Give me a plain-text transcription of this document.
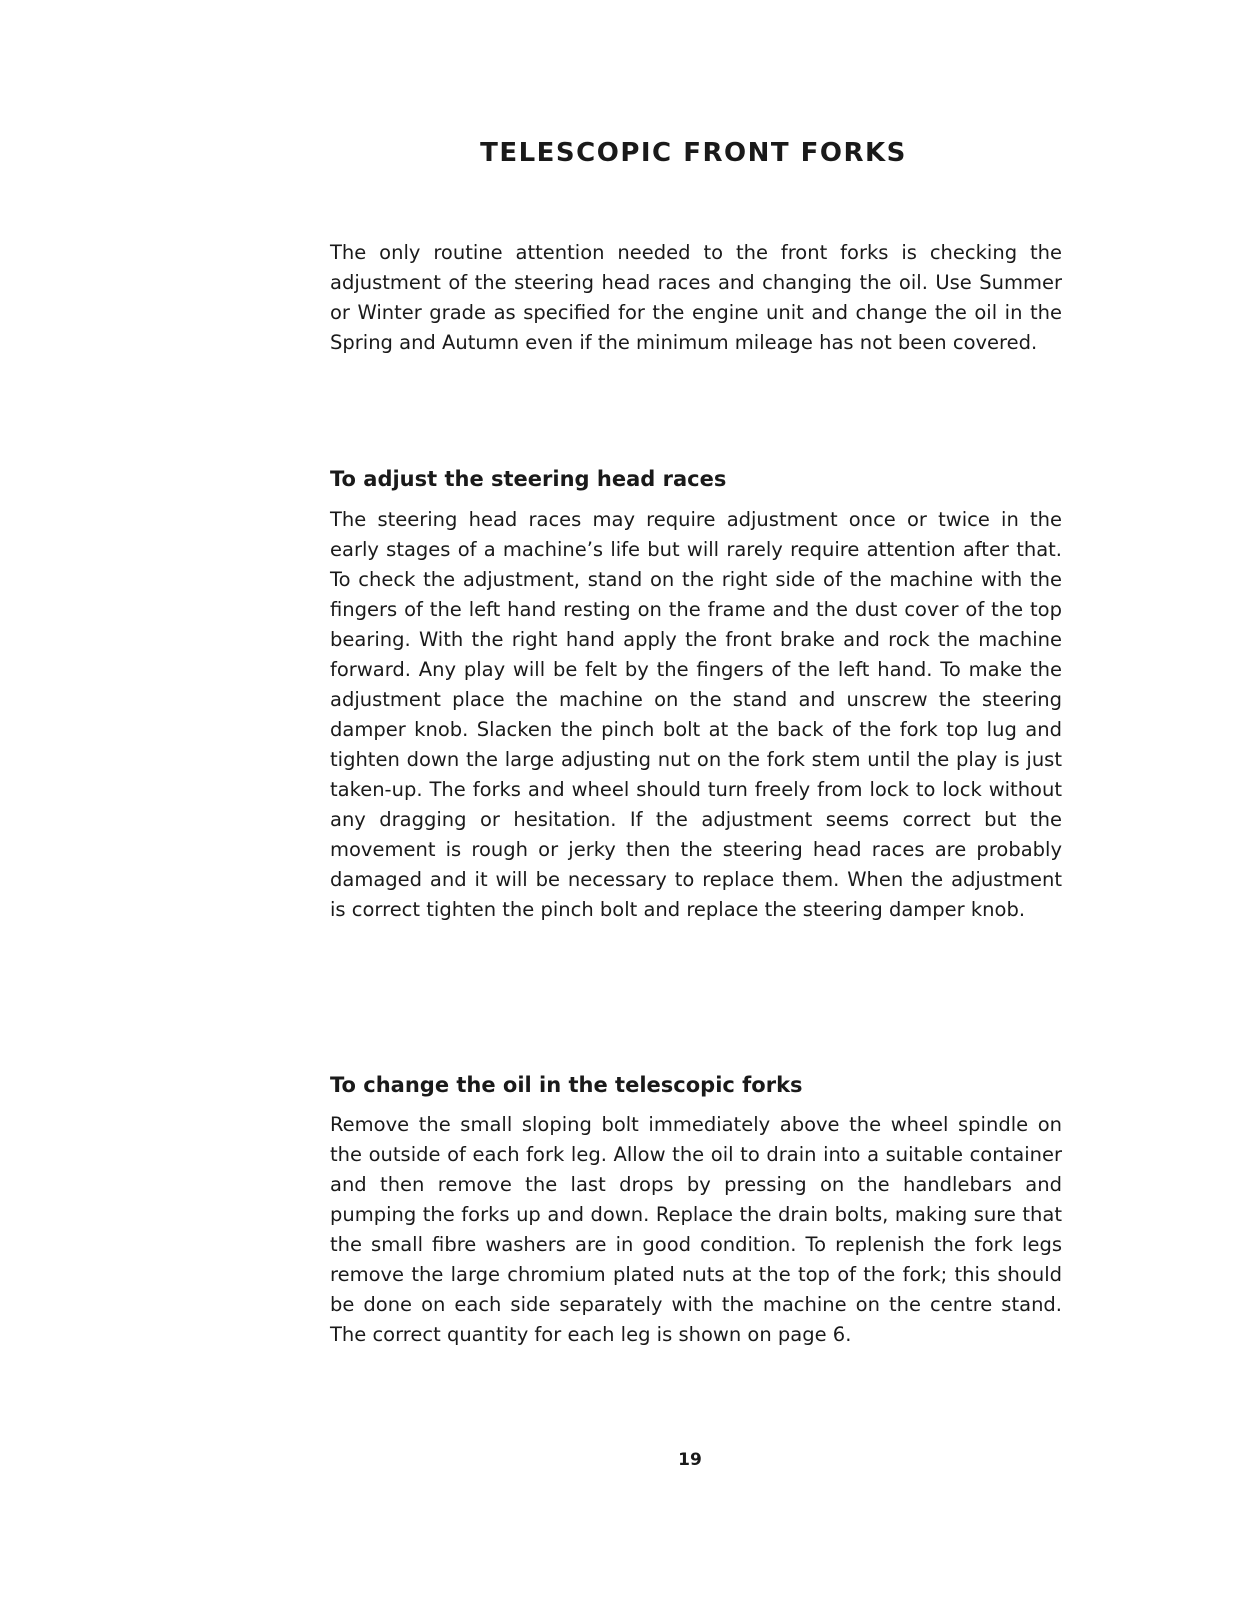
TELESCOPIC FRONT FORKS

The only routine attention needed to the front forks is checking the adjustment of the steering head races and changing the oil. Use Summer or Winter grade as specified for the engine unit and change the oil in the Spring and Autumn even if the minimum mileage has not been covered.

To adjust the steering head races

The steering head races may require adjustment once or twice in the early stages of a machine’s life but will rarely require attention after that. To check the adjustment, stand on the right side of the machine with the fingers of the left hand resting on the frame and the dust cover of the top bearing. With the right hand apply the front brake and rock the machine forward. Any play will be felt by the fingers of the left hand. To make the adjustment place the machine on the stand and unscrew the steering damper knob. Slacken the pinch bolt at the back of the fork top lug and tighten down the large adjusting nut on the fork stem until the play is just taken-up. The forks and wheel should turn freely from lock to lock without any dragging or hesitation. If the adjustment seems correct but the movement is rough or jerky then the steering head races are probably damaged and it will be necessary to replace them. When the adjustment is correct tighten the pinch bolt and replace the steering damper knob.

To change the oil in the telescopic forks

Remove the small sloping bolt immediately above the wheel spindle on the outside of each fork leg. Allow the oil to drain into a suitable container and then remove the last drops by pressing on the handlebars and pumping the forks up and down. Replace the drain bolts, making sure that the small fibre washers are in good condition. To replenish the fork legs remove the large chromium plated nuts at the top of the fork; this should be done on each side separately with the machine on the centre stand. The correct quantity for each leg is shown on page 6.

19
